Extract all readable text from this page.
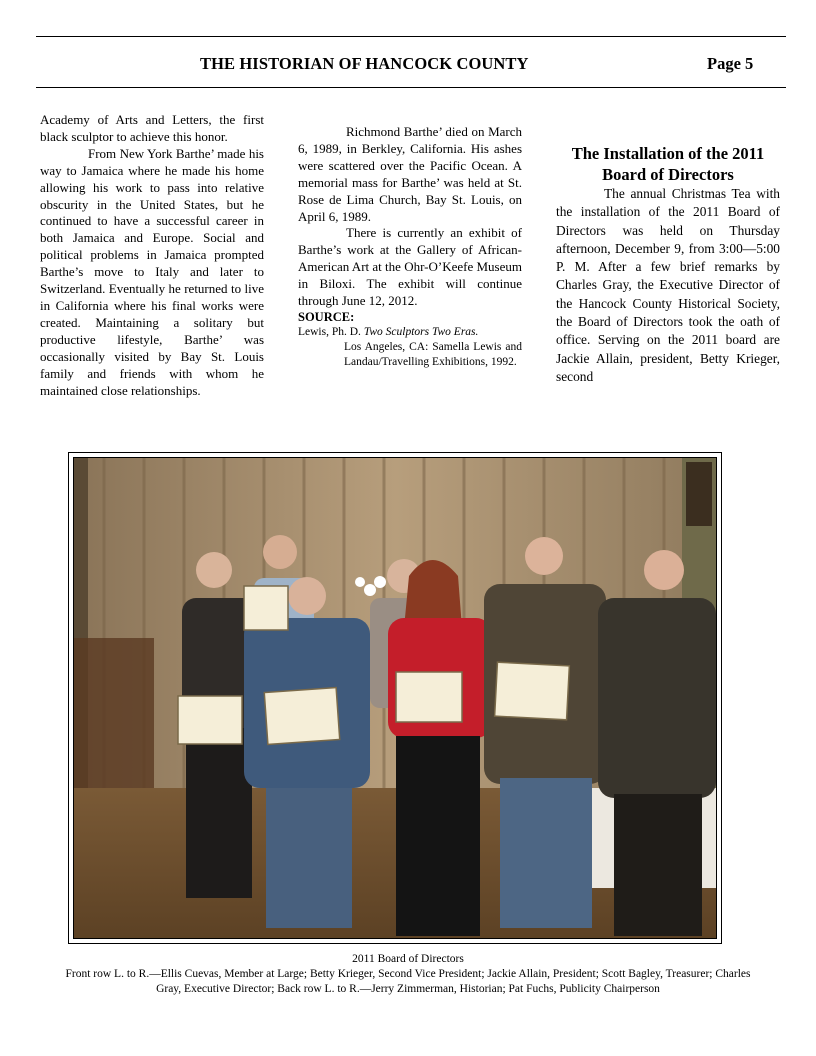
THE HISTORIAN OF HANCOCK COUNTY	Page 5

Academy of Arts and Letters, the first black sculptor to achieve this honor.

From New York Barthe’ made his way to Jamaica where he made his home allowing his work to pass into relative obscurity in the United States, but he continued to have a successful career in both Jamaica and Europe. Social and political problems in Jamaica prompted Barthe’s move to Italy and later to Switzerland. Eventually he returned to live in California where his final works were created. Maintaining a solitary but productive lifestyle, Barthe’ was occasionally visited by Bay St. Louis family and friends with whom he maintained close relationships.

Richmond Barthe’ died on March 6, 1989, in Berkley, California. His ashes were scattered over the Pacific Ocean. A memorial mass for Barthe’ was held at St. Rose de Lima Church, Bay St. Louis, on April 6, 1989.

There is currently an exhibit of Barthe’s work at the Gallery of African-American Art at the Ohr-O’Keefe Museum in Biloxi. The exhibit will continue through June 12, 2012.

SOURCE:

Lewis, Ph. D. Two Sculptors Two Eras.
Los Angeles, CA: Samella Lewis and Landau/Travelling Exhibitions, 1992.

The Installation of the 2011 Board of Directors

The annual Christmas Tea with the installation of the 2011 Board of Directors was held on Thursday afternoon, December 9, from 3:00—5:00 P. M. After a few brief remarks by Charles Gray, the Executive Director of the Hancock County Historical Society, the Board of Directors took the oath of office. Serving on the 2011 board are Jackie Allain, president, Betty Krieger, second

2011 Board of Directors
Front row L. to R.—Ellis Cuevas, Member at Large; Betty Krieger, Second Vice President; Jackie Allain, President; Scott Bagley, Treasurer; Charles Gray, Executive Director; Back row L. to R.—Jerry Zimmerman, Historian; Pat Fuchs, Publicity Chairperson
